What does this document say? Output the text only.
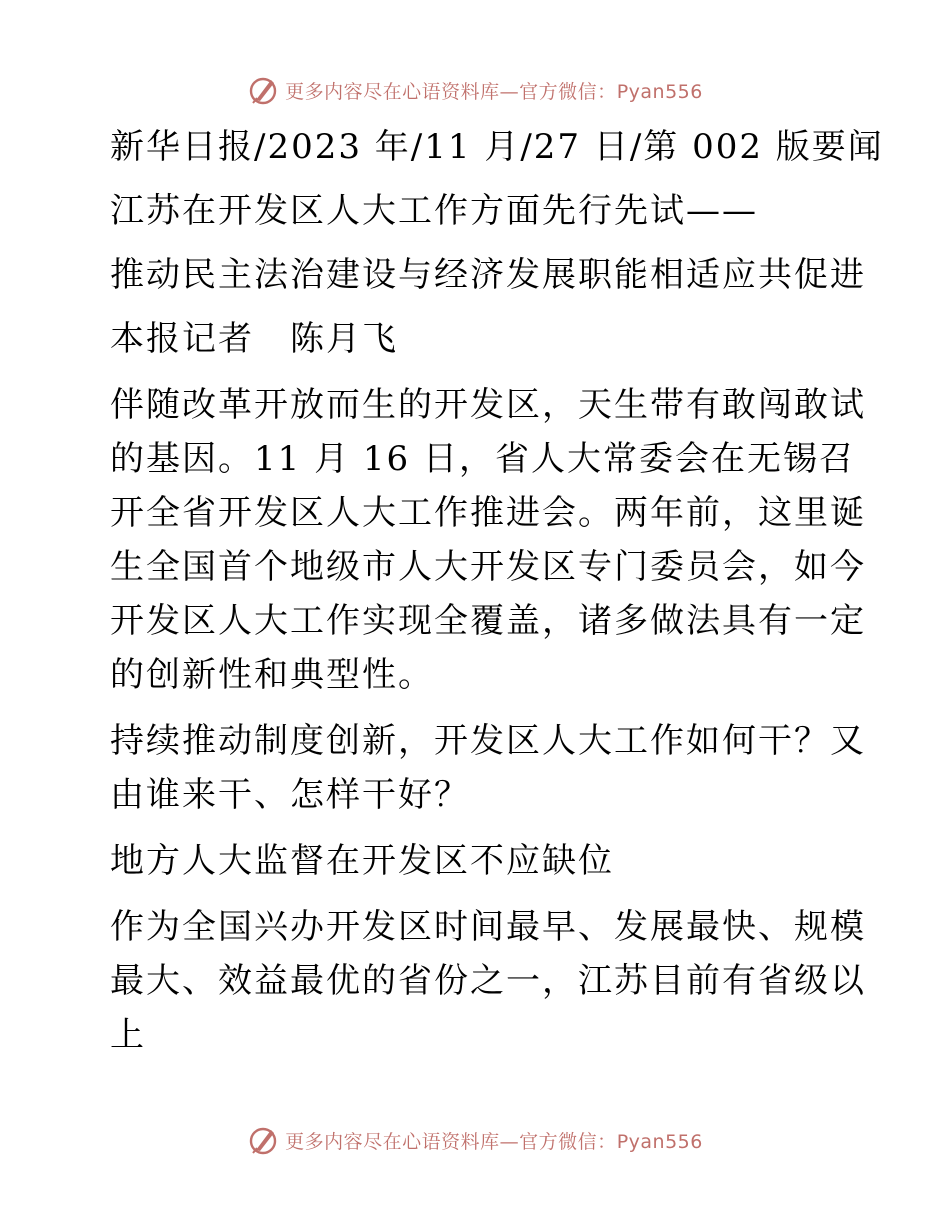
更多内容尽在心语资料库—官方微信：Pyan556
新华日报/2023 年/11 月/27 日/第 002 版要闻
江苏在开发区人大工作方面先行先试——
推动民主法治建设与经济发展职能相适应共促进
本报记者　陈月飞

伴随改革开放而生的开发区，天生带有敢闯敢试的基因。11 月 16 日，省人大常委会在无锡召开全省开发区人大工作推进会。两年前，这里诞生全国首个地级市人大开发区专门委员会，如今开发区人大工作实现全覆盖，诸多做法具有一定的创新性和典型性。

持续推动制度创新，开发区人大工作如何干？又由谁来干、怎样干好？

地方人大监督在开发区不应缺位

作为全国兴办开发区时间最早、发展最快、规模最大、效益最优的省份之一，江苏目前有省级以上

更多内容尽在心语资料库—官方微信：Pyan556
